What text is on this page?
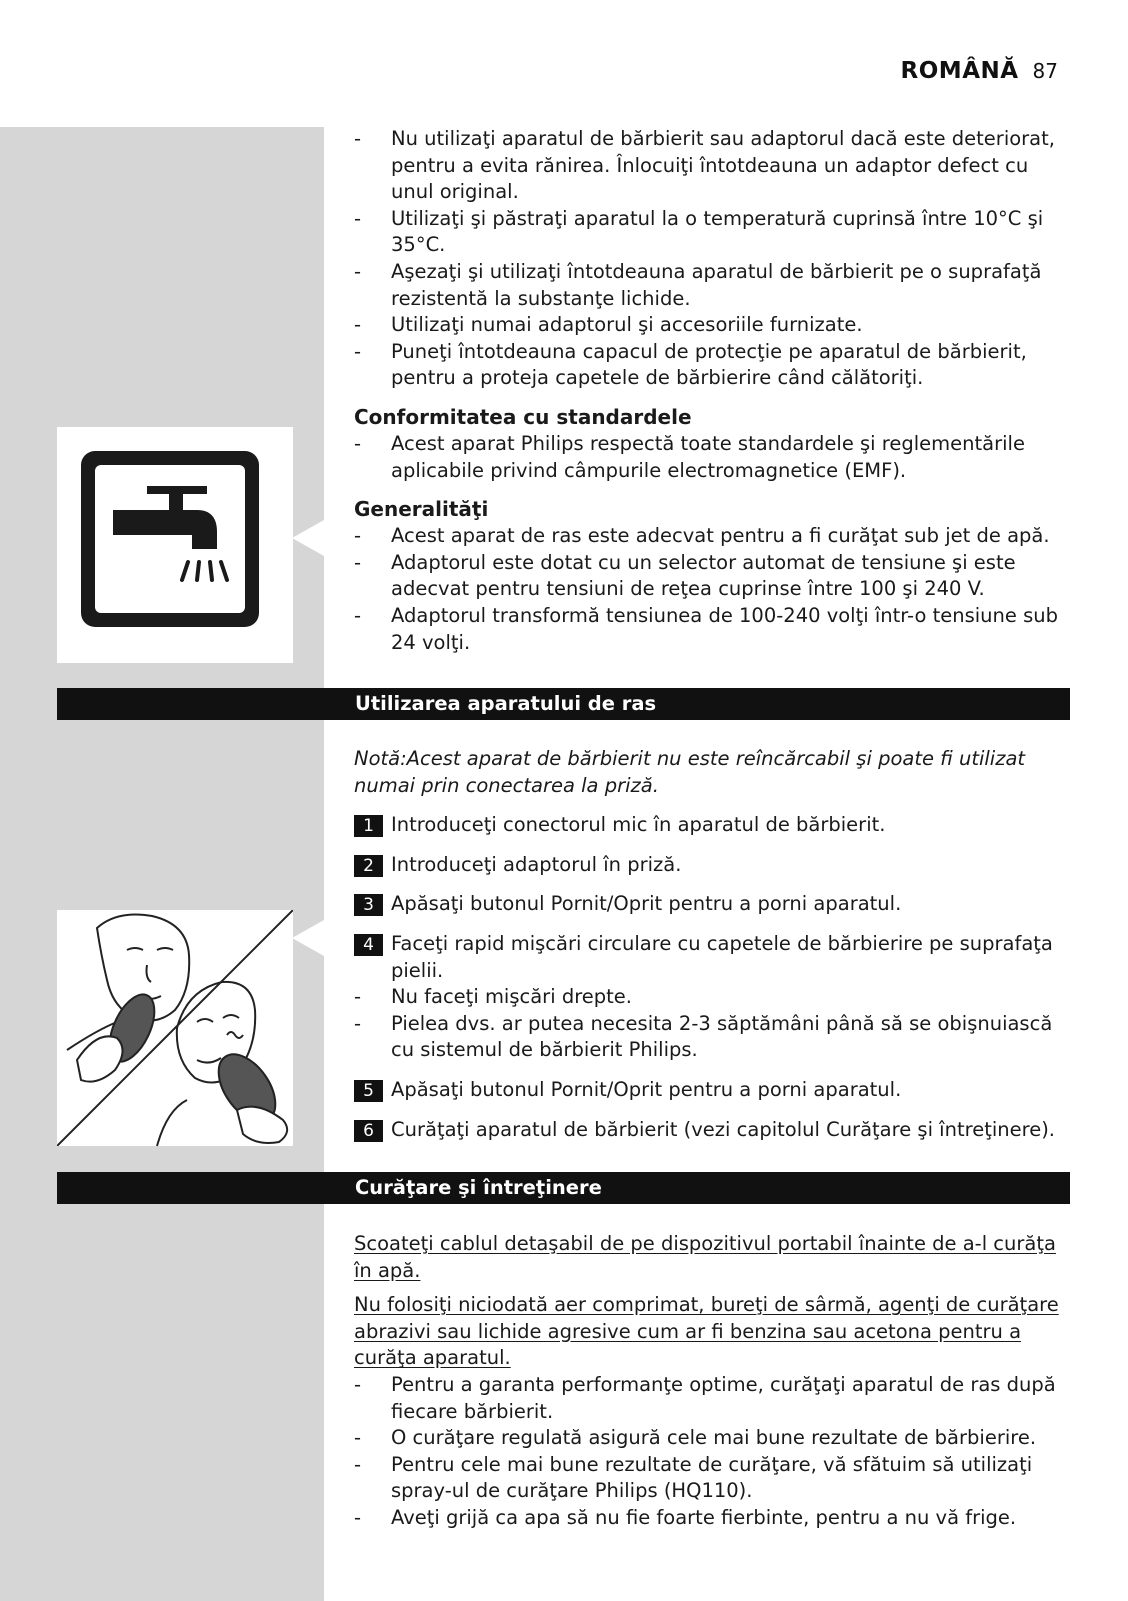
ROMÂNĂ 87
- Nu utilizaţi aparatul de bărbierit sau adaptorul dacă este deteriorat, pentru a evita rănirea. Înlocuiţi întotdeauna un adaptor defect cu unul original.
- Utilizaţi şi păstraţi aparatul la o temperatură cuprinsă între 10°C şi 35°C.
- Aşezaţi şi utilizaţi întotdeauna aparatul de bărbierit pe o suprafaţă rezistentă la substanţe lichide.
- Utilizaţi numai adaptorul şi accesoriile furnizate.
- Puneţi întotdeauna capacul de protecţie pe aparatul de bărbierit, pentru a proteja capetele de bărbierire când călătoriţi.
Conformitatea cu standardele
- Acest aparat Philips respectă toate standardele şi reglementările aplicabile privind câmpurile electromagnetice (EMF).
Generalităţi
- Acest aparat de ras este adecvat pentru a fi curăţat sub jet de apă.
- Adaptorul este dotat cu un selector automat de tensiune şi este adecvat pentru tensiuni de reţea cuprinse între 100 şi 240 V.
- Adaptorul transformă tensiunea de 100-240 volţi într-o tensiune sub 24 volţi.
Utilizarea aparatului de ras
Notă:Acest aparat de bărbierit nu este reîncărcabil şi poate fi utilizat numai prin conectarea la priză.
1 Introduceţi conectorul mic în aparatul de bărbierit.
2 Introduceţi adaptorul în priză.
3 Apăsaţi butonul Pornit/Oprit pentru a porni aparatul.
4 Faceţi rapid mişcări circulare cu capetele de bărbierire pe suprafaţa pielii.
- Nu faceţi mişcări drepte.
- Pielea dvs. ar putea necesita 2-3 săptămâni până să se obişnuiască cu sistemul de bărbierit Philips.
5 Apăsaţi butonul Pornit/Oprit pentru a porni aparatul.
6 Curăţaţi aparatul de bărbierit (vezi capitolul Curăţare şi întreţinere).
Curăţare şi întreţinere
Scoateţi cablul detaşabil de pe dispozitivul portabil înainte de a-l curăţa în apă.
Nu folosiţi niciodată aer comprimat, bureţi de sârmă, agenţi de curăţare abrazivi sau lichide agresive cum ar fi benzina sau acetona pentru a curăţa aparatul.
- Pentru a garanta performanţe optime, curăţaţi aparatul de ras după fiecare bărbierit.
- O curăţare regulată asigură cele mai bune rezultate de bărbierire.
- Pentru cele mai bune rezultate de curăţare, vă sfătuim să utilizaţi spray-ul de curăţare Philips (HQ110).
- Aveţi grijă ca apa să nu fie foarte fierbinte, pentru a nu vă frige.
